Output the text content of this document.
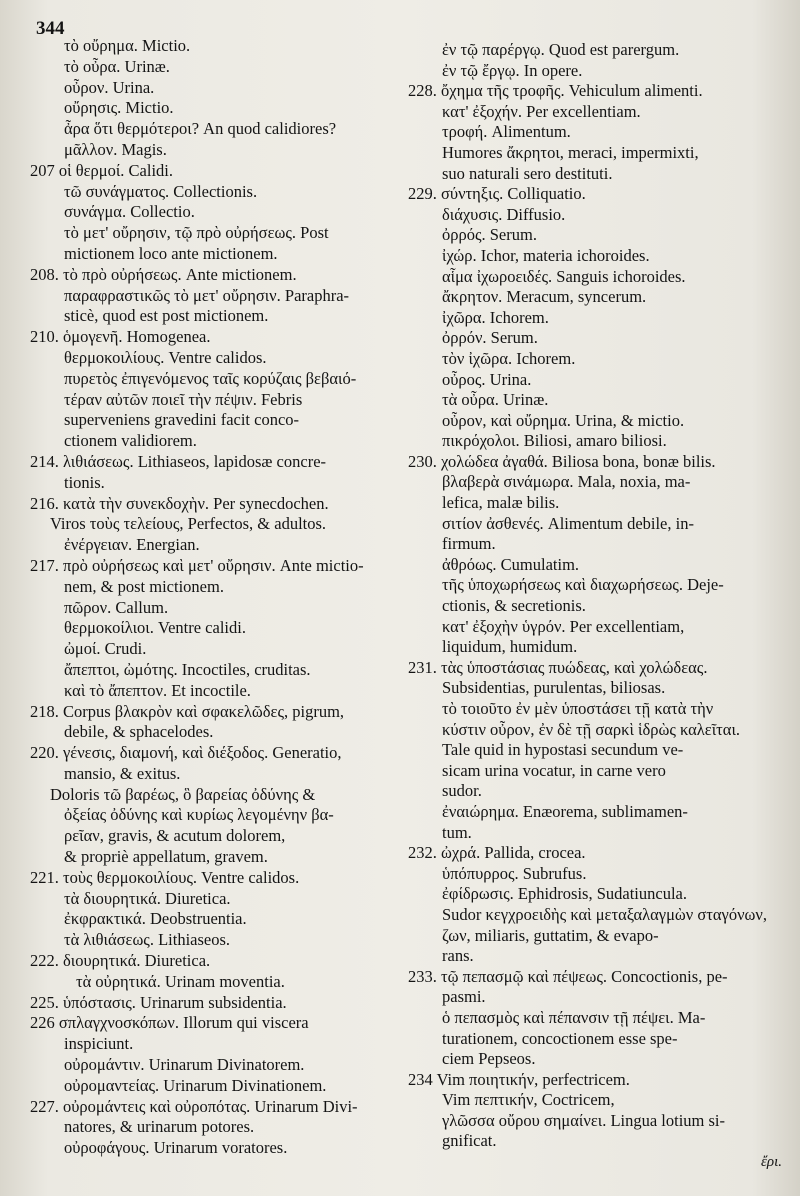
344
τὸ οὔρημα. Mictio.
τὸ οὖρα. Urinæ.
οὖρον. Urina.
οὔρησις. Mictio.
ἆρα ὅτι θερμότεροι? An quod calidiores?
μᾶλλον. Magis.
207 οἱ θερμοί. Calidi.
τῶ συνάγματος. Collectionis.
συνάγμα. Collectio.
τὸ μετ' οὔρησιν, τῷ πρὸ οὐρήσεως. Post
mictionem loco ante mictionem.
208. τὸ πρὸ οὐρήσεως. Ante mictionem.
παραφραστικῶς τὸ μετ' οὔρησιν. Paraphra-
sticè, quod est post mictionem.
210. ὁμογενῆ. Homogenea.
θερμοκοιλίους. Ventre calidos.
πυρετὸς ἐπιγενόμενος ταῖς κορύζαις βεβαιό-
τέραν αὐτῶν ποιεῖ τὴν πέψιν. Febris
superveniens gravedini facit conco-
ctionem validiorem.
214. λιθιάσεως. Lithiaseos, lapidosæ concre-
tionis.
216. κατὰ τὴν συνεκδοχὴν. Per synecdochen.
Viros τοὺς τελείους, Perfectos, & adultos.
ἐνέργειαν. Energian.
217. πρὸ οὐρήσεως καὶ μετ' οὔρησιν. Ante mictio-
nem, & post mictionem.
πῶρον. Callum.
θερμοκοίλιοι. Ventre calidi.
ὠμοί. Crudi.
ἄπεπτοι, ὠμότης. Incoctiles, cruditas.
καὶ τὸ ἄπεπτον. Et incoctile.
218. Corpus βλακρὸν καὶ σφακελῶδες, pigrum,
debile, & sphacelodes.
220. γένεσις, διαμονή, καὶ διέξοδος. Generatio,
mansio, & exitus.
Doloris τῶ βαρέως, ὃ βαρείας ὀδύνης &
ὀξείας ὀδύνης καὶ κυρίως λεγομένην βα-
ρεῖαν, gravis, & acutum dolorem,
& propriè appellatum, gravem.
221. τοὺς θερμοκοιλίους. Ventre calidos.
τὰ διουρητικά. Diuretica.
ἐκφρακτικά. Deobstruentia.
τὰ λιθιάσεως. Lithiaseos.
222. διουρητικά. Diuretica.
τὰ οὐρητικά. Urinam moventia.
225. ὑπόστασις. Urinarum subsidentia.
226 σπλαγχνοσκόπων. Illorum qui viscera
inspiciunt.
οὐρομάντιν. Urinarum Divinatorem.
οὐρομαντείας. Urinarum Divinationem.
227. οὐρομάντεις καὶ οὐροπότας. Urinarum Divi-
natores, & urinarum potores.
οὐροφάγους. Urinarum voratores.
ἐν τῷ παρέργῳ. Quod est parergum.
ἐν τῷ ἔργῳ. In opere.
228. ὄχημα τῆς τροφῆς. Vehiculum alimenti.
κατ' ἐξοχήν. Per excellentiam.
τροφή. Alimentum.
Humores ἄκρητοι, meraci, impermixti,
suo naturali sero destituti.
229. σύντηξις. Colliquatio.
διάχυσις. Diffusio.
ὀρρός. Serum.
ἰχώρ. Ichor, materia ichoroides.
αἷμα ἰχωροειδές. Sanguis ichoroides.
ἄκρητον. Meracum, syncerum.
ἰχῶρα. Ichorem.
ὀρρόν. Serum.
τὸν ἰχῶρα. Ichorem.
οὖρος. Urina.
τὰ οὖρα. Urinæ.
οὖρον, καὶ οὔρημα. Urina, & mictio.
πικρόχολοι. Biliosi, amaro biliosi.
230. χολώδεα ἀγαθά. Biliosa bona, bonæ bilis.
βλαβερὰ σινάμωρα. Mala, noxia, ma-
lefica, malæ bilis.
σιτίον ἀσθενές. Alimentum debile, in-
firmum.
ἀθρόως. Cumulatim.
τῆς ὑποχωρήσεως καὶ διαχωρήσεως. Deje-
ctionis, & secretionis.
κατ' ἐξοχὴν ὑγρόν. Per excellentiam,
liquidum, humidum.
231. τὰς ὑποστάσιας πυώδεας, καὶ χολώδεας.
Subsidentias, purulentas, biliosas.
τὸ τοιοῦτο ἐν μὲν ὑποστάσει τῇ κατὰ τὴν
κύστιν οὖρον, ἐν δὲ τῇ σαρκὶ ἱδρὼς καλεῖται.
Tale quid in hypostasi secundum ve-
sicam urina vocatur, in carne vero
sudor.
ἐναιώρημα. Enæorema, sublimamen-
tum.
232. ὠχρά. Pallida, crocea.
ὑπόπυρρος. Subrufus.
ἐφίδρωσις. Ephidrosis, Sudatiuncula.
Sudor κεγχροειδὴς καὶ μεταξαλαγμὼν σταγόνων,
ζων, miliaris, guttatim, & evapo-
rans.
233. τῷ πεπασμῷ καὶ πέψεως. Concoctionis, pe-
pasmi.
ὁ πεπασμὸς καὶ πέπανσιν τῇ πέψει. Ma-
turationem, concoctionem esse spe-
ciem Pepseos.
234 Vim ποιητικήν, perfectricem.
Vim πεπτικήν, Coctricem,
γλῶσσα οὔρου σημαίνει. Lingua lotium si-
gnificat.
ἔρι.
